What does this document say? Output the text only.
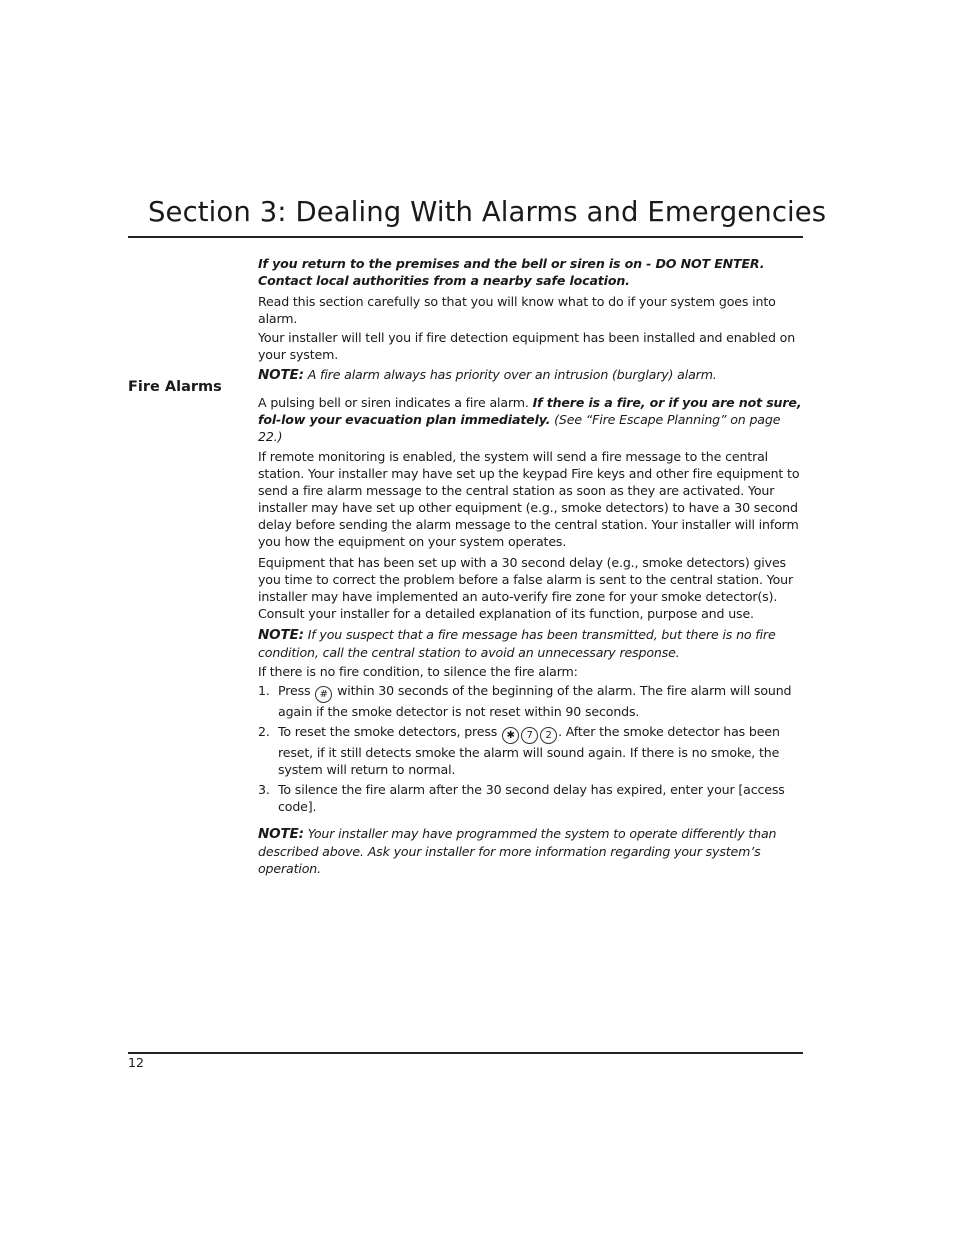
Section 3: Dealing With Alarms and Emergencies
Fire Alarms

If you return to the premises and the bell or siren is on - DO NOT ENTER. Contact local authorities from a nearby safe location.

Read this section carefully so that you will know what to do if your system goes into alarm.

Your installer will tell you if fire detection equipment has been installed and enabled on your system.

NOTE: A fire alarm always has priority over an intrusion (burglary) alarm.

A pulsing bell or siren indicates a fire alarm. If there is a fire, or if you are not sure, fol-low your evacuation plan immediately. (See “Fire Escape Planning” on page 22.)

If remote monitoring is enabled, the system will send a fire message to the central station. Your installer may have set up the keypad Fire keys and other fire equipment to send a fire alarm message to the central station as soon as they are activated. Your installer may have set up other equipment (e.g., smoke detectors) to have a 30 second delay before sending the alarm message to the central station. Your installer will inform you how the equipment on your system operates.

Equipment that has been set up with a 30 second delay (e.g., smoke detectors) gives you time to correct the problem before a false alarm is sent to the central station. Your installer may have implemented an auto-verify fire zone for your smoke detector(s). Consult your installer for a detailed explanation of its function, purpose and use.

NOTE: If you suspect that a fire message has been transmitted, but there is no fire condition, call the central station to avoid an unnecessary response.

If there is no fire condition, to silence the fire alarm:

1. Press # within 30 seconds of the beginning of the alarm. The fire alarm will sound again if the smoke detector is not reset within 90 seconds.
2. To reset the smoke detectors, press ✱ 7 2 . After the smoke detector has been reset, if it still detects smoke the alarm will sound again. If there is no smoke, the system will return to normal.
3. To silence the fire alarm after the 30 second delay has expired, enter your [access code].

NOTE: Your installer may have programmed the system to operate differently than described above. Ask your installer for more information regarding your system’s operation.

12
